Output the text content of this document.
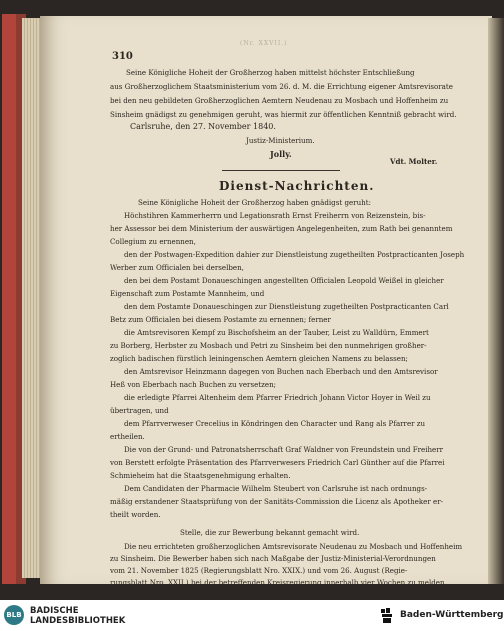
(Nr. XXVII.)
310
Seine Königliche Hoheit der Großherzog haben mittelst höchster Entschließung
aus Großherzoglichem Staatsministerium vom 26. d. M. die Errichtung eigener Amtsrevisorate
bei den neu gebildeten Großherzoglichen Aemtern Neudenau zu Mosbach und Hoffenheim zu
Sinsheim gnädigst zu genehmigen geruht, was hiermit zur öffentlichen Kenntniß gebracht wird.
Carlsruhe, den 27. November 1840.
Justiz-Ministerium.
Jolly.
Vdt. Molter.
Dienst-Nachrichten.
Seine Königliche Hoheit der Großherzog haben gnädigst geruht:
Höchstihren Kammerherrn und Legationsrath Ernst Freiherrn von Reizenstein, bis-
her Assessor bei dem Ministerium der auswärtigen Angelegenheiten, zum Rath bei genanntem
Collegium zu ernennen,
den der Postwagen-Expedition dahier zur Dienstleistung zugetheilten Postpracticanten Joseph
Werber zum Officialen bei derselben,
den bei dem Postamt Donaueschingen angestellten Officialen Leopold Weißel in gleicher
Eigenschaft zum Postamte Mannheim, und
den dem Postamte Donaueschingen zur Dienstleistung zugetheilten Postpracticanten Carl
Betz zum Officialen bei diesem Postamte zu ernennen; ferner
die Amtsrevisoren Kempf zu Bischofsheim an der Tauber, Leist zu Walldürn, Emmert
zu Borberg, Herbster zu Mosbach und Petri zu Sinsheim bei den nunmehrigen großher-
zoglich badischen fürstlich leiningenschen Aemtern gleichen Namens zu belassen;
den Amtsrevisor Heinzmann dagegen von Buchen nach Eberbach und den Amtsrevisor
Heß von Eberbach nach Buchen zu versetzen;
die erledigte Pfarrei Altenheim dem Pfarrer Friedrich Johann Victor Hoyer in Weil zu
übertragen, und
dem Pfarrverweser Crecelius in Köndringen den Character und Rang als Pfarrer zu
ertheilen.
Die von der Grund- und Patronatsherrschaft Graf Waldner von Freundstein und Freiherr
von Berstett erfolgte Präsentation des Pfarrverwesers Friedrich Carl Günther auf die Pfarrei
Schmieheim hat die Staatsgenehmigung erhalten.
Dem Candidaten der Pharmacie Wilhelm Steubert von Carlsruhe ist nach ordnungs-
mäßig erstandener Staatsprüfung von der Sanitäts-Commission die Licenz als Apotheker er-
theilt worden.
Stelle, die zur Bewerbung bekannt gemacht wird.
Die neu errichteten großherzoglichen Amtsrevisorate Neudenau zu Mosbach und Hoffenheim
zu Sinsheim. Die Bewerber haben sich nach Maßgabe der Justiz-Ministerial-Verordnungen
vom 21. November 1825 (Regierungsblatt Nro. XXIX.) und vom 26. August (Regie-
rungsblatt Nro. XXII.) bei der betreffenden Kreisregierung innerhalb vier Wochen zu melden.
BLB BADISCHE
LANDESBIBLIOTHEK
Baden-Württemberg
